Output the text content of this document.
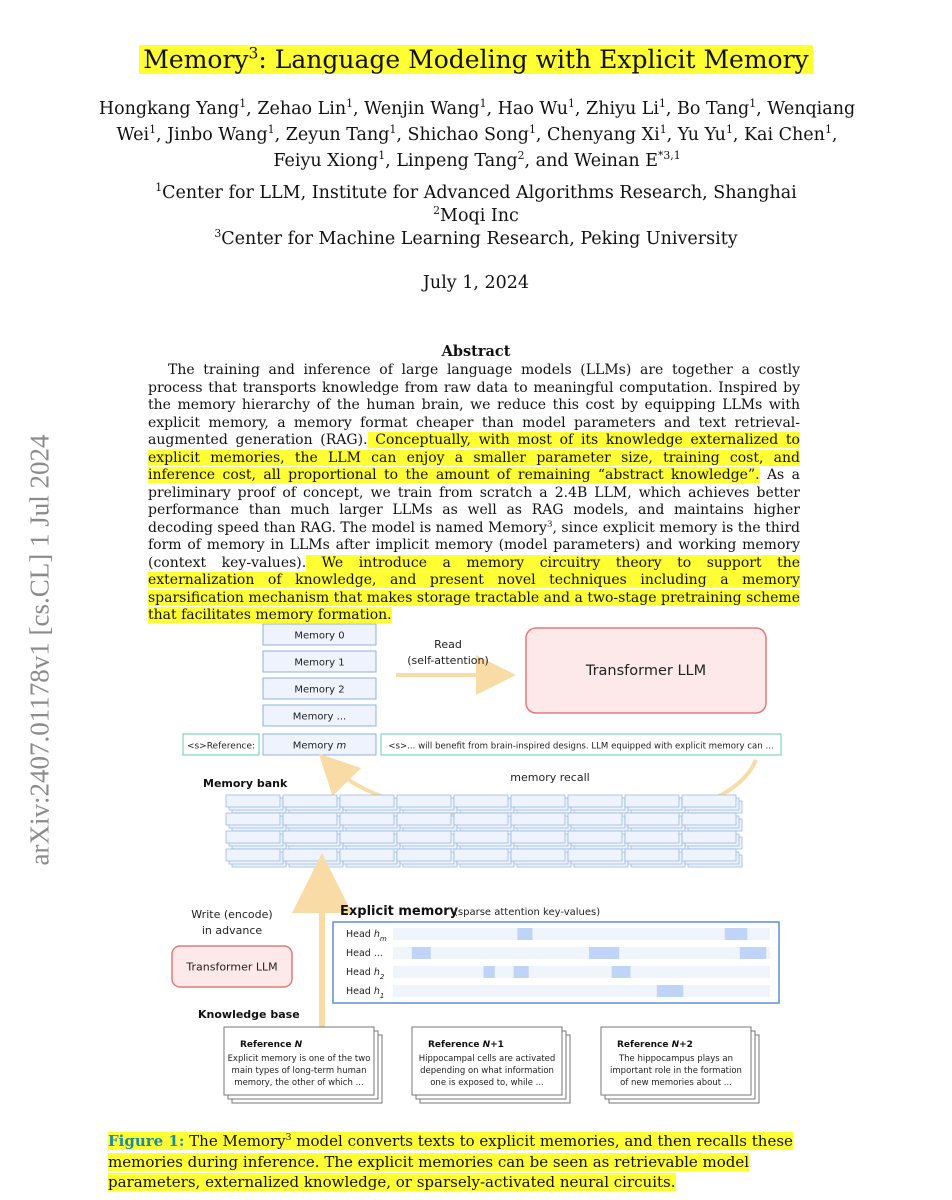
arXiv:2407.01178v1 [cs.CL] 1 Jul 2024
Memory$^3$: Language Modeling with Explicit Memory
Hongkang Yang$^1$, Zehao Lin$^1$, Wenjin Wang$^1$, Hao Wu$^1$, Zhiyu Li$^1$, Bo Tang$^1$, Wenqiang Wei$^1$, Jinbo Wang$^1$, Zeyun Tang$^1$, Shichao Song$^1$, Chenyang Xi$^1$, Yu Yu$^1$, Kai Chen$^1$, Feiyu Xiong$^1$, Linpeng Tang$^2$, and Weinan E$^{*3,1}$
$^1$Center for LLM, Institute for Advanced Algorithms Research, Shanghai
$^2$Moqi Inc
$^3$Center for Machine Learning Research, Peking University
July 1, 2024
Abstract
The training and inference of large language models (LLMs) are together a costly process that transports knowledge from raw data to meaningful computation. Inspired by the memory hierarchy of the human brain, we reduce this cost by equipping LLMs with explicit memory, a memory format cheaper than model parameters and text retrieval-augmented generation (RAG). Conceptually, with most of its knowledge externalized to explicit memories, the LLM can enjoy a smaller parameter size, training cost, and inference cost, all proportional to the amount of remaining “abstract knowledge”. As a preliminary proof of concept, we train from scratch a 2.4B LLM, which achieves better performance than much larger LLMs as well as RAG models, and maintains higher decoding speed than RAG. The model is named Memory$^3$, since explicit memory is the third form of memory in LLMs after implicit memory (model parameters) and working memory (context key-values). We introduce a memory circuitry theory to support the externalization of knowledge, and present novel techniques including a memory sparsification mechanism that makes storage tractable and a two-stage pretraining scheme that facilitates memory formation.
Memory 0
Memory 1
Memory 2
Memory ...
Memory m
<s>Reference:	<s>... will benefit from brain-inspired designs. LLM equipped with explicit memory can ...
Read
(self-attention)
Transformer LLM
memory recall
Memory bank
Write (encode)
in advance
Transformer LLM
Explicit memory
(sparse attention key-values)
Head $h_m$
Head ...
Head $h_2$
Head $h_1$
Knowledge base
Reference N
Explicit memory is one of the two
main types of long-term human
memory, the other of which ...
Reference N+1
Hippocampal cells are activated
depending on what information
one is exposed to, while ...
Reference N+2
The hippocampus plays an
important role in the formation
of new memories about ...
Figure 1: The Memory$^3$ model converts texts to explicit memories, and then recalls these memories during inference. The explicit memories can be seen as retrievable model parameters, externalized knowledge, or sparsely-activated neural circuits.
